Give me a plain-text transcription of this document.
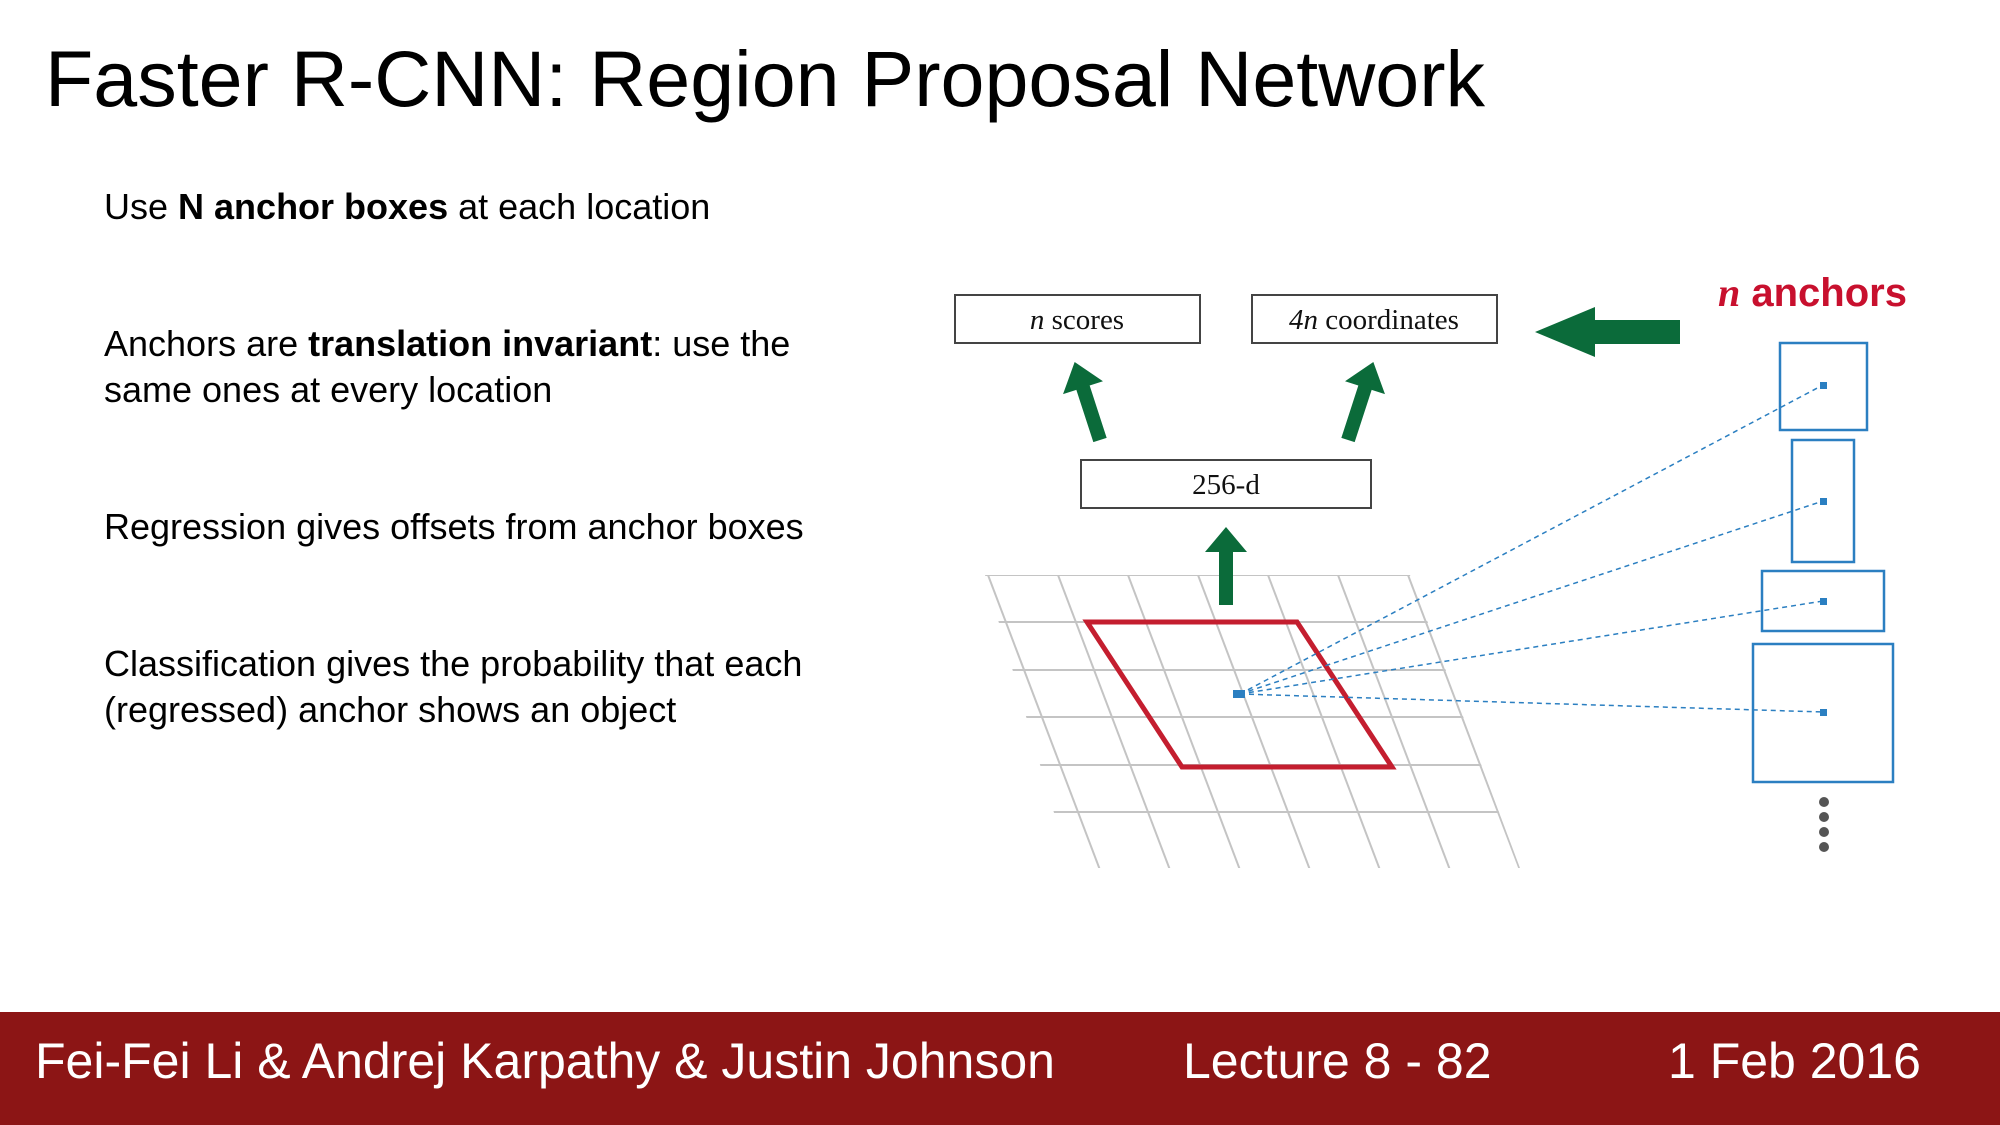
Faster R-CNN: Region Proposal Network
Use N anchor boxes at each location
Anchors are translation invariant: use the same ones at every location
Regression gives offsets from anchor boxes
Classification gives the probability that each (regressed) anchor shows an object
n scores	4n coordinates
256-d
n anchors
Fei-Fei Li & Andrej Karpathy & Justin Johnson	Lecture 8 - 82	1 Feb 2016
